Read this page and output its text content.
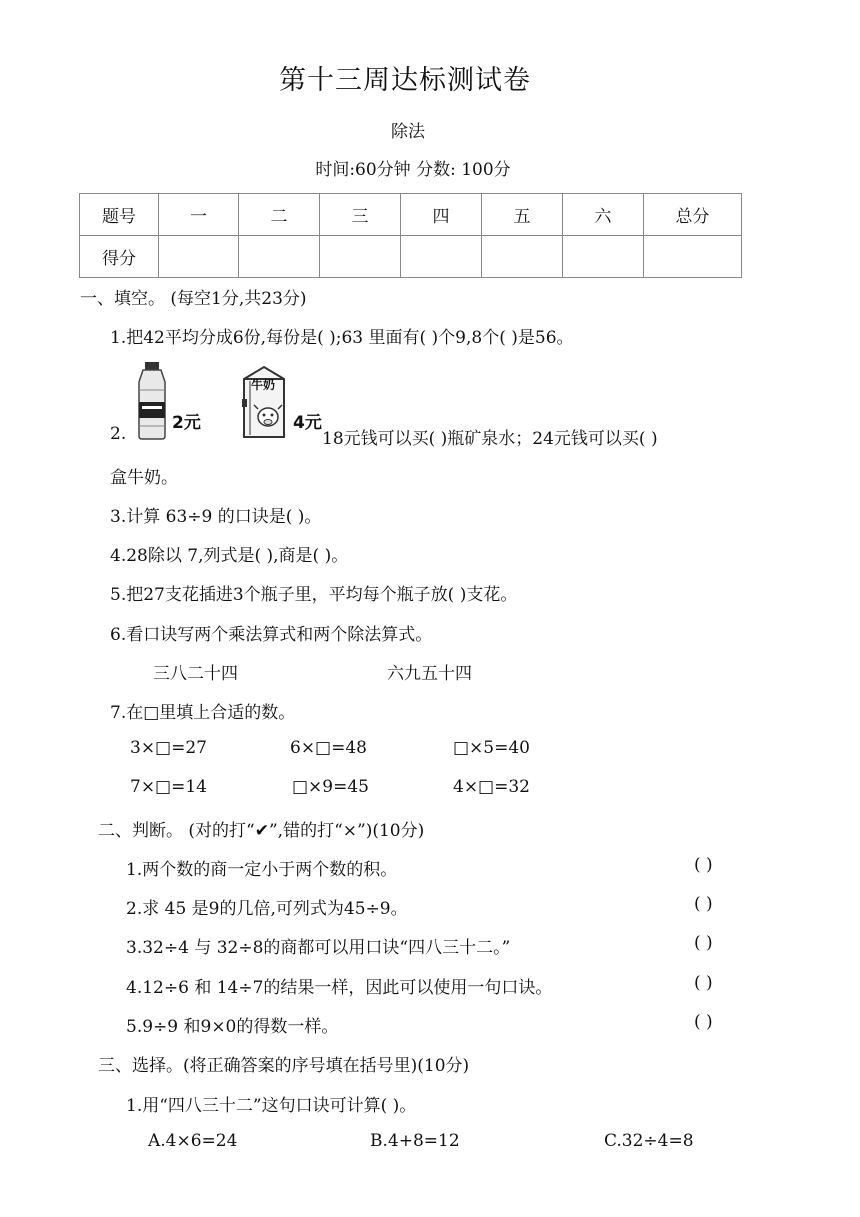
第十三周达标测试卷
除法
时间:60分钟 分数: 100分
题号	一	二	三	四	五	六	总分
得分							
一、填空。 (每空1分,共23分)
1.把42平均分成6份,每份是( );63 里面有( )个9,8个( )是56。
2.
2元
牛奶
4元
18元钱可以买( )瓶矿泉水；24元钱可以买( )
盒牛奶。
3.计算 63÷9 的口诀是( )。
4.28除以 7,列式是( ),商是( )。
5.把27支花插进3个瓶子里，平均每个瓶子放( )支花。
6.看口诀写两个乘法算式和两个除法算式。
三八二十四	六九五十四
7.在□里填上合适的数。
3×□=27	6×□=48	□×5=40
7×□=14	□×9=45	4×□=32
二、判断。 (对的打“✔”,错的打“×”)(10分)
1.两个数的商一定小于两个数的积。	( )
2.求 45 是9的几倍,可列式为45÷9。	( )
3.32÷4 与 32÷8的商都可以用口诀“四八三十二。”	( )
4.12÷6 和 14÷7的结果一样，因此可以使用一句口诀。	( )
5.9÷9 和9×0的得数一样。	( )
三、选择。(将正确答案的序号填在括号里)(10分)
1.用“四八三十二”这句口诀可计算( )。
A.4×6=24	B.4+8=12	C.32÷4=8
